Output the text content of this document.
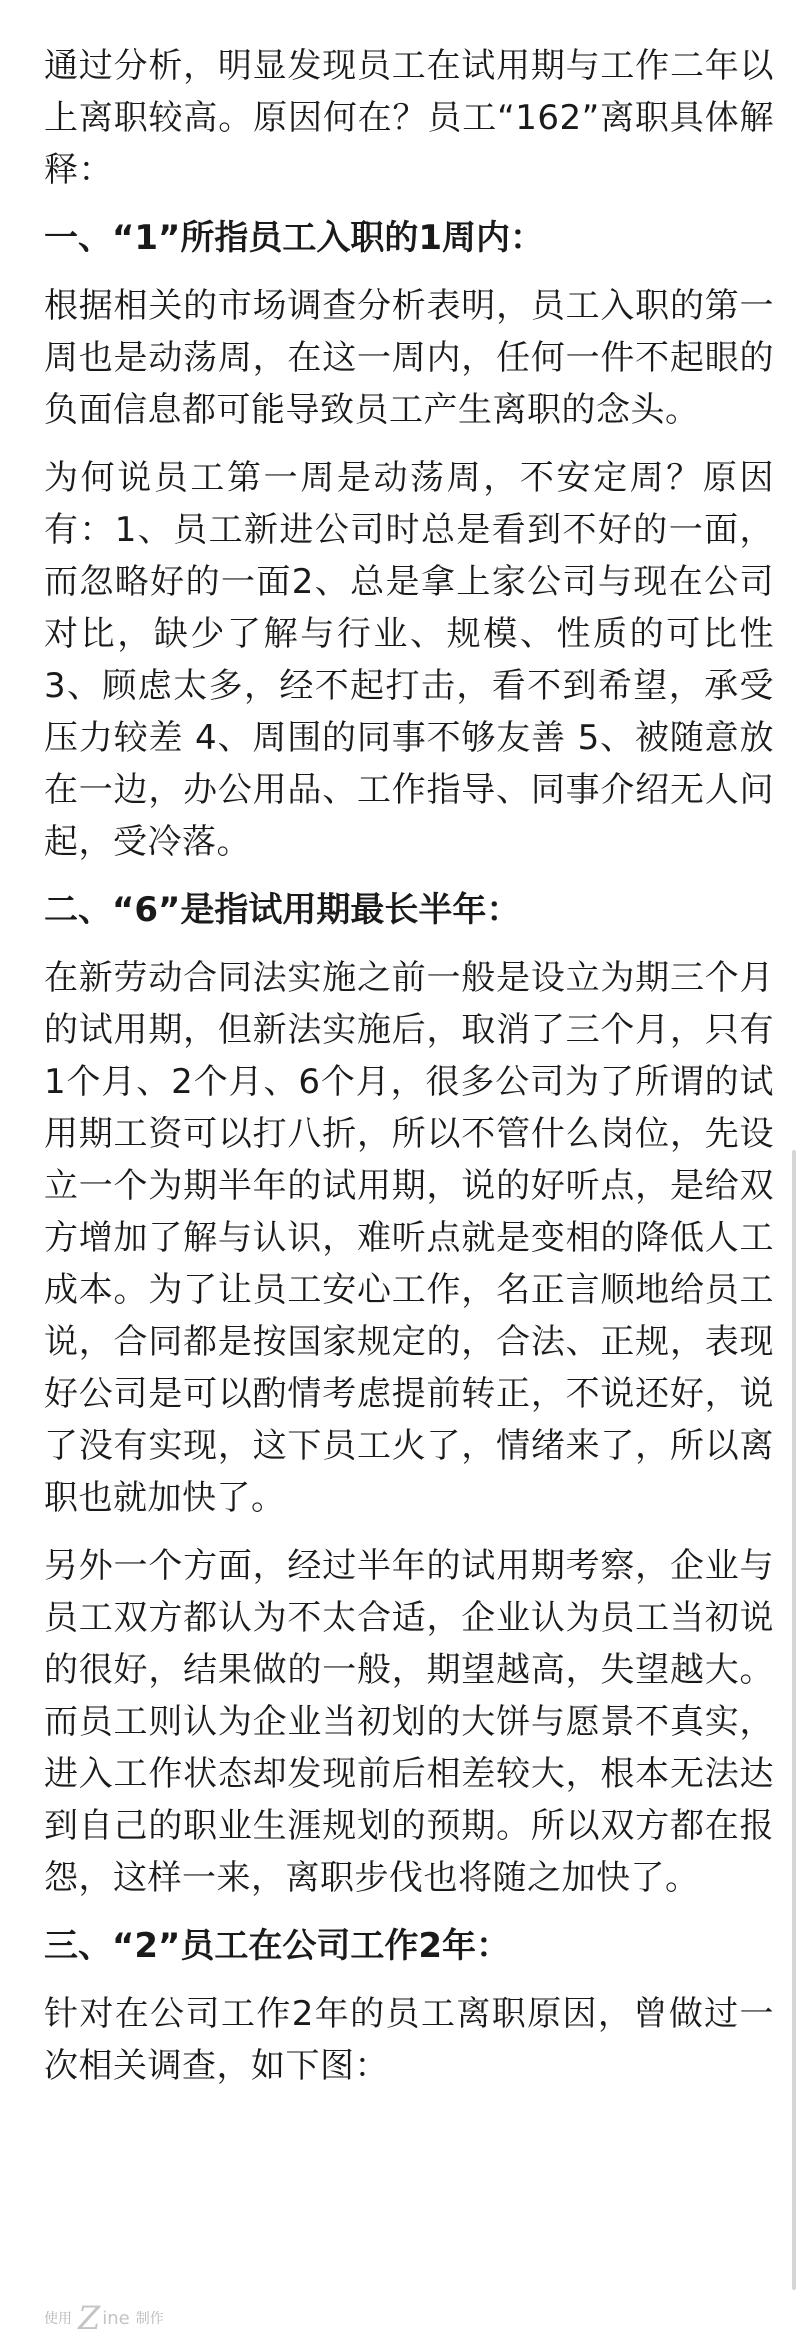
通过分析，明显发现员工在试用期与工作二年以上离职较高。原因何在？员工“162”离职具体解释：

一、“1”所指员工入职的1周内：

根据相关的市场调查分析表明，员工入职的第一周也是动荡周，在这一周内，任何一件不起眼的负面信息都可能导致员工产生离职的念头。

为何说员工第一周是动荡周，不安定周？原因有：1、员工新进公司时总是看到不好的一面，而忽略好的一面2、总是拿上家公司与现在公司对比，缺少了解与行业、规模、性质的可比性 3、顾虑太多，经不起打击，看不到希望，承受压力较差 4、周围的同事不够友善 5、被随意放在一边，办公用品、工作指导、同事介绍无人问起，受冷落。

二、“6”是指试用期最长半年：

在新劳动合同法实施之前一般是设立为期三个月的试用期，但新法实施后，取消了三个月，只有1个月、2个月、6个月，很多公司为了所谓的试用期工资可以打八折，所以不管什么岗位，先设立一个为期半年的试用期，说的好听点，是给双方增加了解与认识，难听点就是变相的降低人工成本。为了让员工安心工作，名正言顺地给员工说，合同都是按国家规定的，合法、正规，表现好公司是可以酌情考虑提前转正，不说还好，说了没有实现，这下员工火了，情绪来了，所以离职也就加快了。

另外一个方面，经过半年的试用期考察，企业与员工双方都认为不太合适，企业认为员工当初说的很好，结果做的一般，期望越高，失望越大。而员工则认为企业当初划的大饼与愿景不真实，进入工作状态却发现前后相差较大，根本无法达到自己的职业生涯规划的预期。所以双方都在报怨，这样一来，离职步伐也将随之加快了。

三、“2”员工在公司工作2年：

针对在公司工作2年的员工离职原因，曾做过一次相关调查，如下图：

使用 Z ine 制作
